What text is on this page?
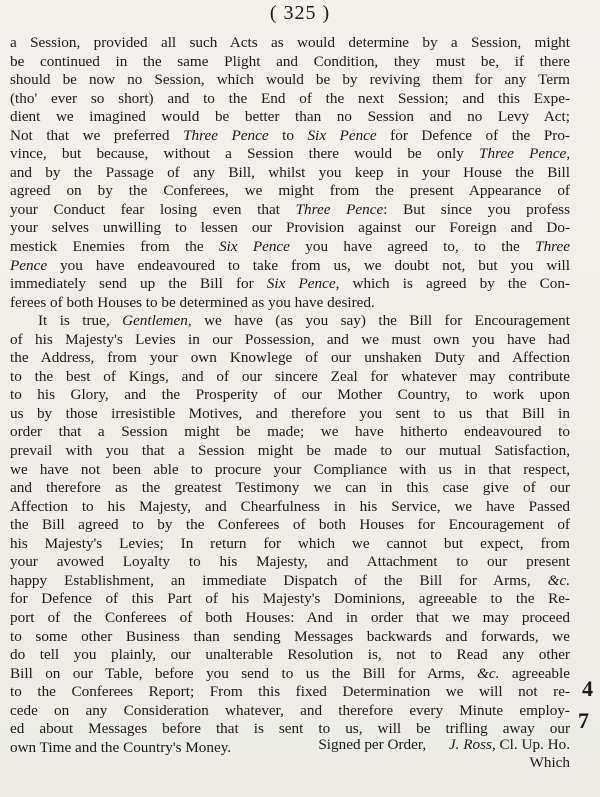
( 325 )
a Session, provided all such Acts as would determine by a Session, might
be continued in the same Plight and Condition, they must be, if there
should be now no Session, which would be by reviving them for any Term
(tho' ever so short) and to the End of the next Session; and this Expe-
dient we imagined would be better than no Session and no Levy Act;
Not that we preferred Three Pence to Six Pence for Defence of the Pro-
vince, but because, without a Session there would be only Three Pence,
and by the Passage of any Bill, whilst you keep in your House the Bill
agreed on by the Conferees, we might from the present Appearance of
your Conduct fear losing even that Three Pence: But since you profess
your selves unwilling to lessen our Provision against our Foreign and Do-
mestick Enemies from the Six Pence you have agreed to, to the Three
Pence you have endeavoured to take from us, we doubt not, but you will
immediately send up the Bill for Six Pence, which is agreed by the Con-
ferees of both Houses to be determined as you have desired.
It is true, Gentlemen, we have (as you say) the Bill for Encouragement
of his Majesty's Levies in our Possession, and we must own you have had
the Address, from your own Knowlege of our unshaken Duty and Affection
to the best of Kings, and of our sincere Zeal for whatever may contribute
to his Glory, and the Prosperity of our Mother Country, to work upon
us by those irresistible Motives, and therefore you sent to us that Bill in
order that a Session might be made; we have hitherto endeavoured to
prevail with you that a Session might be made to our mutual Satisfaction,
we have not been able to procure your Compliance with us in that respect,
and therefore as the greatest Testimony we can in this case give of our
Affection to his Majesty, and Chearfulness in his Service, we have Passed
the Bill agreed to by the Conferees of both Houses for Encouragement of
his Majesty's Levies; In return for which we cannot but expect, from
your avowed Loyalty to his Majesty, and Attachment to our present
happy Establishment, an immediate Dispatch of the Bill for Arms, &c.
for Defence of this Part of his Majesty's Dominions, agreeable to the Re-
port of the Conferees of both Houses: And in order that we may proceed
to some other Business than sending Messages backwards and forwards, we
do tell you plainly, our unalterable Resolution is, not to Read any other
Bill on our Table, before you send to us the Bill for Arms, &c. agreeable
to the Conferees Report; From this fixed Determination we will not re-
cede on any Consideration whatever, and therefore every Minute employ-
ed about Messages before that is sent to us, will be trifling away our
own Time and the Country's Money.	Signed per Order, J. Ross, Cl. Up. Ho.
Which
4
7
